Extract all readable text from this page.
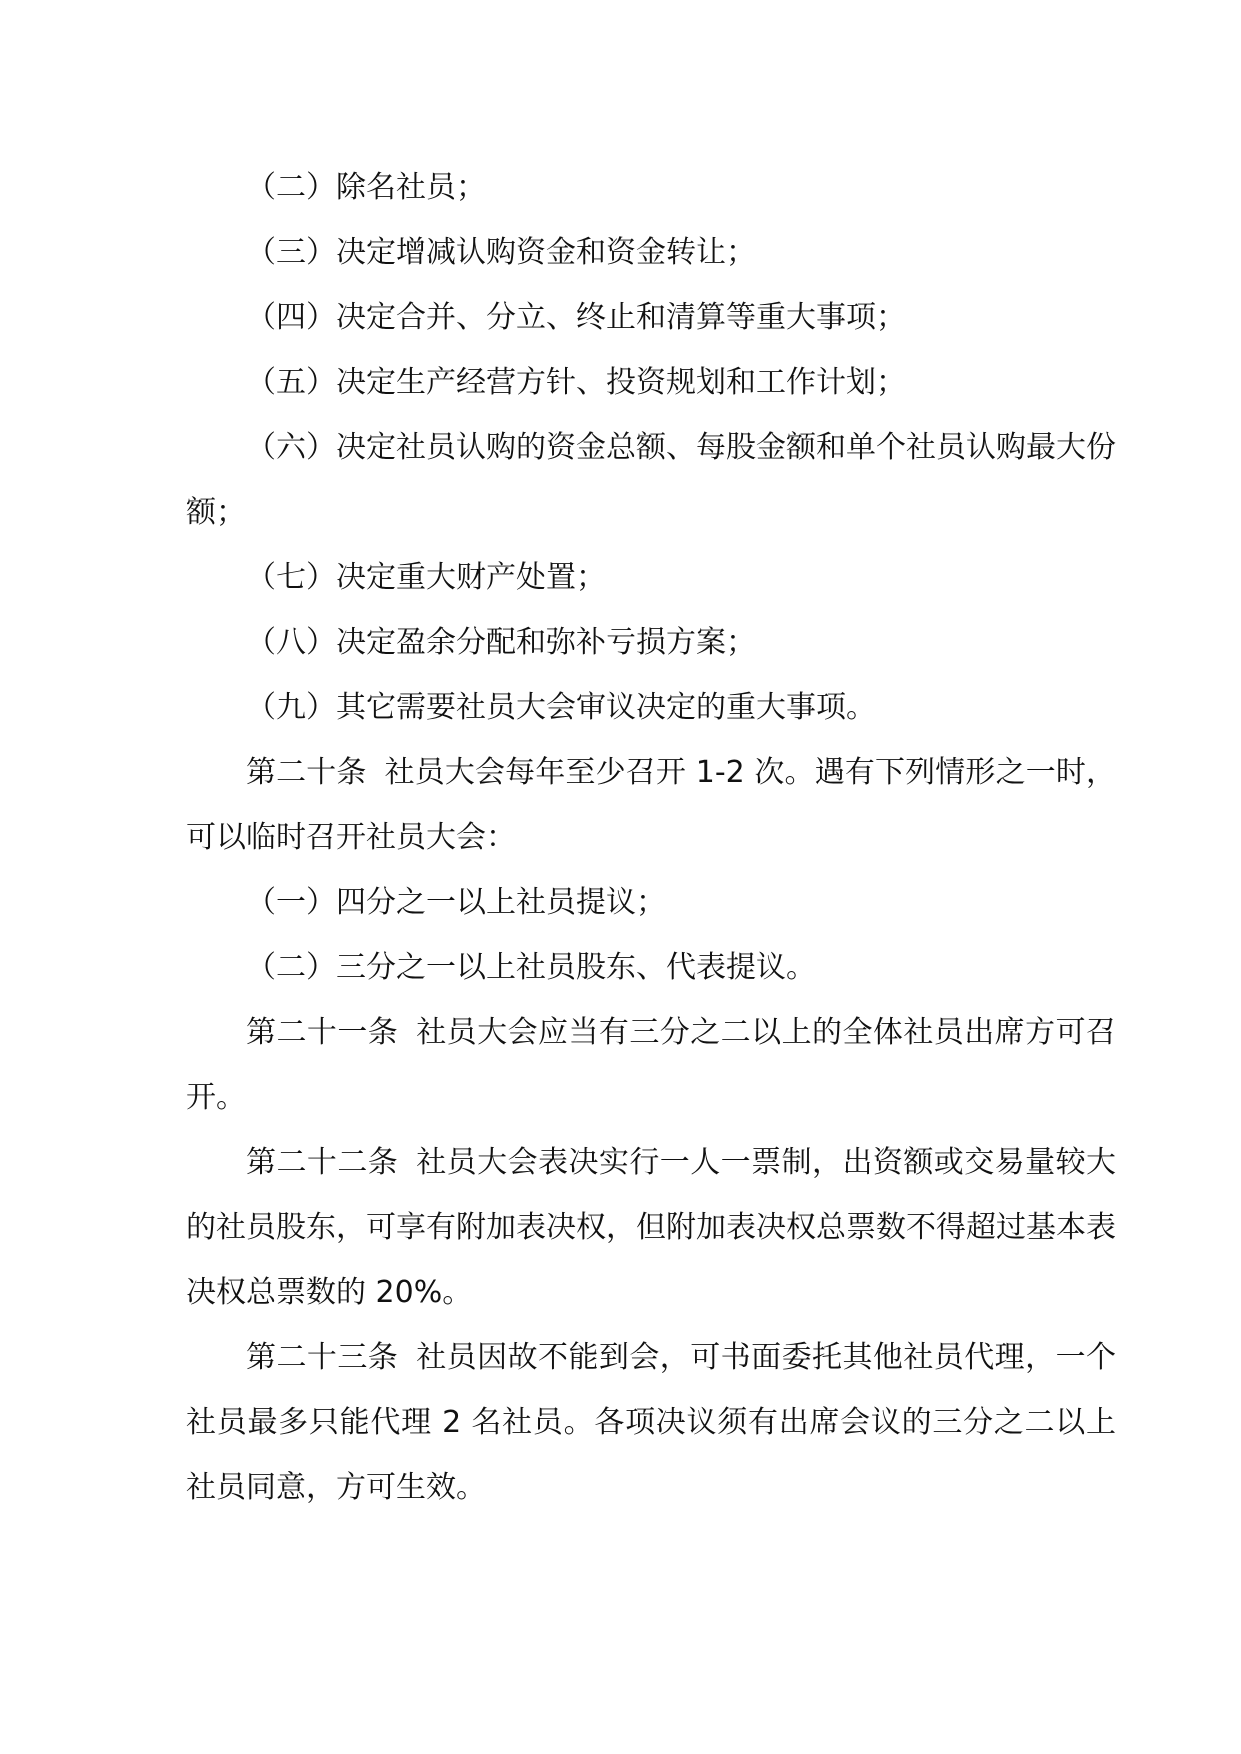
（二）除名社员；

（三）决定增减认购资金和资金转让；

（四）决定合并、分立、终止和清算等重大事项；

（五）决定生产经营方针、投资规划和工作计划；

（六）决定社员认购的资金总额、每股金额和单个社员认购最大份额；

（七）决定重大财产处置；

（八）决定盈余分配和弥补亏损方案；

（九）其它需要社员大会审议决定的重大事项。

第二十条 社员大会每年至少召开 1-2 次。遇有下列情形之一时，可以临时召开社员大会：

（一）四分之一以上社员提议；

（二）三分之一以上社员股东、代表提议。

第二十一条 社员大会应当有三分之二以上的全体社员出席方可召开。

第二十二条 社员大会表决实行一人一票制，出资额或交易量较大的社员股东，可享有附加表决权，但附加表决权总票数不得超过基本表决权总票数的 20%。

第二十三条 社员因故不能到会，可书面委托其他社员代理，一个社员最多只能代理 2 名社员。各项决议须有出席会议的三分之二以上社员同意，方可生效。
